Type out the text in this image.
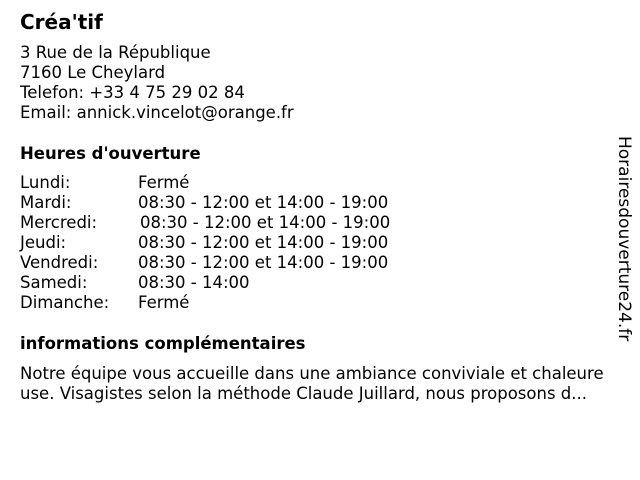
Créa'tif
3 Rue de la République
7160 Le Cheylard
Telefon: +33 4 75 29 02 84
Email: annick.vincelot@orange.fr
Heures d'ouverture
Lundi:	Fermé
Mardi:	08:30 - 12:00 et 14:00 - 19:00
Mercredi:	08:30 - 12:00 et 14:00 - 19:00
Jeudi:	08:30 - 12:00 et 14:00 - 19:00
Vendredi: 08:30 - 12:00 et 14:00 - 19:00
Samedi:	08:30 - 14:00
Dimanche: Fermé
informations complémentaires
Notre équipe vous accueille dans une ambiance conviviale et chaleure
use. Visagistes selon la méthode Claude Juillard, nous proposons d...
Horairesdouverture24.fr
